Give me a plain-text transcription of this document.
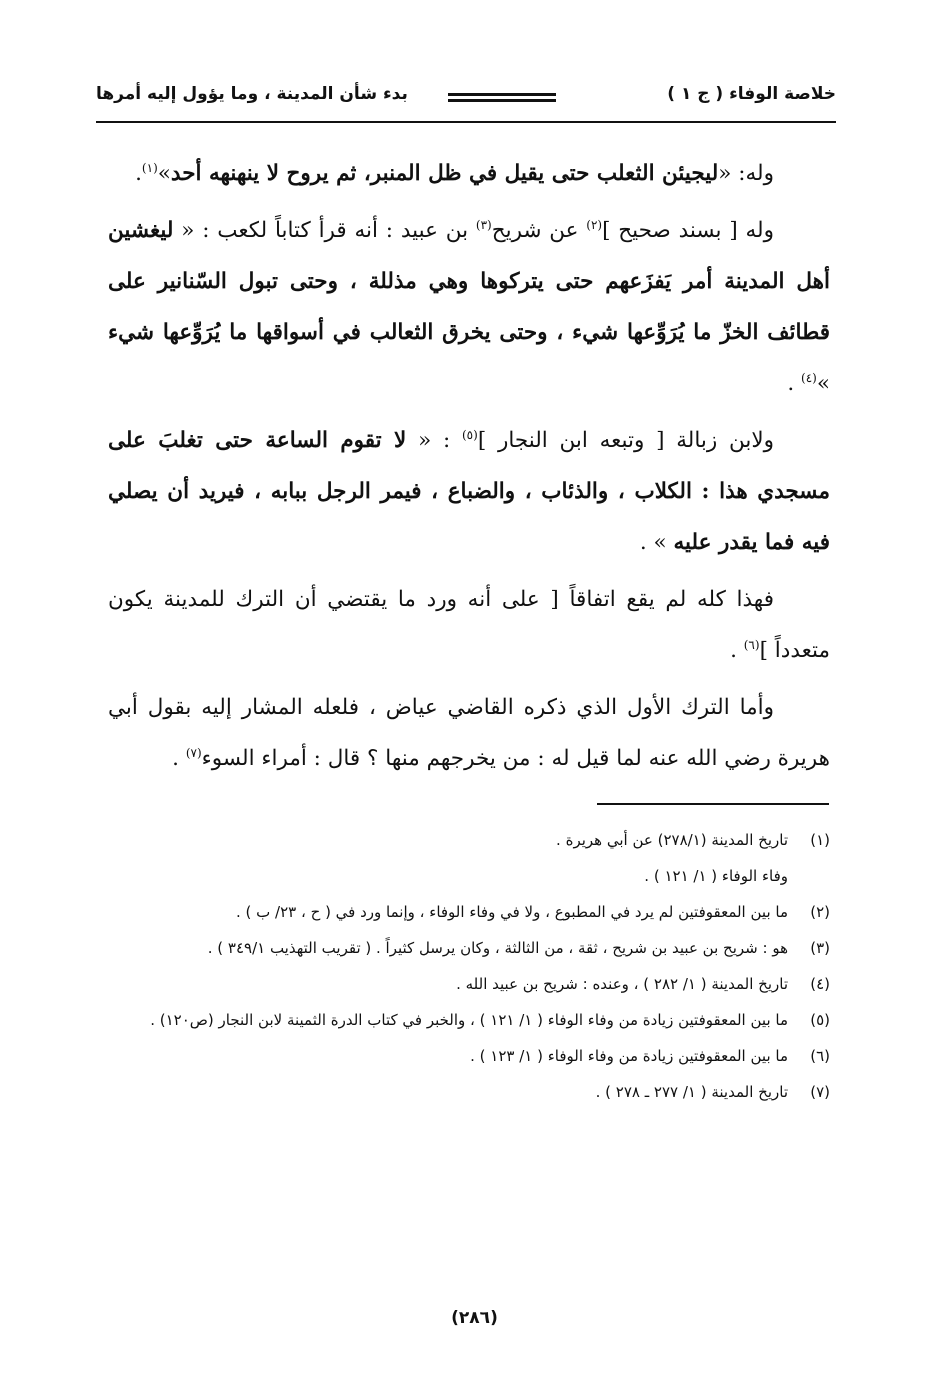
خلاصة الوفاء ( ج ١ )
بدء شأن المدينة ، وما يؤول إليه أمرها

وله: «ليجيئن الثعلب حتى يقيل في ظل المنبر، ثم يروح لا ينهنهه أحد»$^{(١)}$.

وله [ بسند صحيح ]$^{(٢)}$ عن شريح$^{(٣)}$ بن عبيد : أنه قرأ كتاباً لكعب : « ليغشين أهل المدينة أمر يَفزَعهم حتى يتركوها وهي مذللة ، وحتى تبول السّنانير على قطائف الخزّ ما يُرَوِّعها شيء ، وحتى يخرق الثعالب في أسواقها ما يُرَوِّعها شيء »$^{(٤)}$ .

ولابن زبالة [ وتبعه ابن النجار ]$^{(٥)}$ : « لا تقوم الساعة حتى تغلبَ على مسجدي هذا : الكلاب ، والذئاب ، والضباع ، فيمر الرجل ببابه ، فيريد أن يصلي فيه فما يقدر عليه » .

فهذا كله لم يقع اتفاقاً [ على أنه ورد ما يقتضي أن الترك للمدينة يكون متعدداً ]$^{(٦)}$ .

وأما الترك الأول الذي ذكره القاضي عياض ، فلعله المشار إليه بقول أبي هريرة رضي الله عنه لما قيل له : من يخرجهم منها ؟ قال : أمراء السوء$^{(٧)}$ .

(١)
تاريخ المدينة (٢٧٨/١) عن أبي هريرة .
وفاء الوفاء ( ١/ ١٢١ ) .
(٢)
ما بين المعقوفتين لم يرد في المطبوع ، ولا في وفاء الوفاء ، وإنما ورد في ( ح ، ٢٣/ ب ) .
(٣)
هو : شريح بن عبيد بن شريح ، ثقة ، من الثالثة ، وكان يرسل كثيراً . ( تقريب التهذيب ٣٤٩/١ ) .
(٤)
تاريخ المدينة ( ١/ ٢٨٢ ) ، وعنده : شريح بن عبيد الله .
(٥)
ما بين المعقوفتين زيادة من وفاء الوفاء ( ١/ ١٢١ ) ، والخبر في كتاب الدرة الثمينة لابن النجار (ص١٢٠) .
(٦)
ما بين المعقوفتين زيادة من وفاء الوفاء ( ١/ ١٢٣ ) .
(٧)
تاريخ المدينة ( ١/ ٢٧٧ ـ ٢٧٨ ) .
(٢٨٦)
